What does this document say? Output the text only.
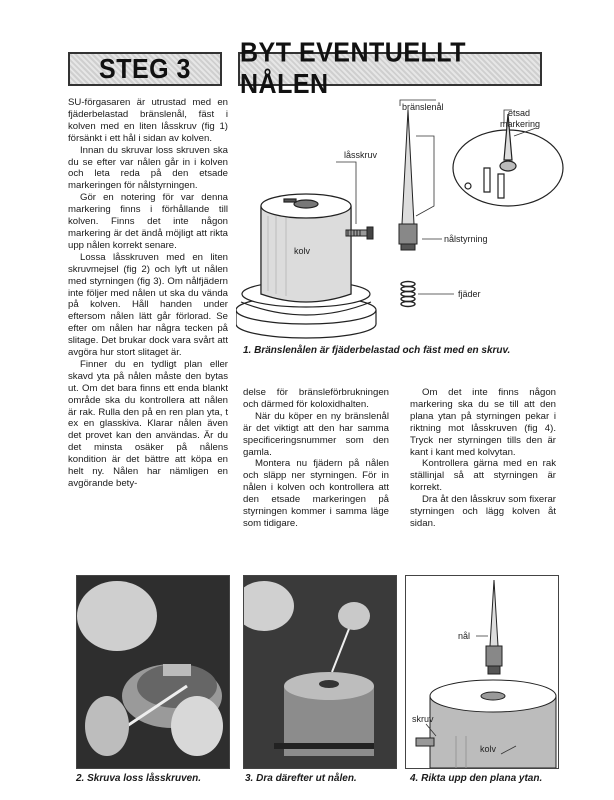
STEG 3
BYT EVENTUELLT NÅLEN

SU-förgasaren är utrustad med en fjäderbelastad bränslenål, fäst i kolven med en liten låsskruv (fig 1) försänkt i ett hål i sidan av kolven.

Innan du skruvar loss skruven ska du se efter var nålen går in i kolven och leta reda på den etsade markeringen för nålstyrningen.

Gör en notering för var denna markering finns i förhållande till kolven. Finns det inte någon markering är det ändå möjligt att rikta upp nålen korrekt senare.

Lossa låsskruven med en liten skruvmejsel (fig 2) och lyft ut nålen med styrningen (fig 3). Om nålfjädern inte följer med nålen ut ska du vända på kolven. Håll handen under eftersom nålen lätt går förlorad. Se efter om nålen har några tecken på slitage. Det brukar dock vara svårt att avgöra hur stort slitaget är.

Finner du en tydligt plan eller skavd yta på nålen måste den bytas ut. Om det bara finns ett enda blankt område ska du kontrollera att nålen är rak. Rulla den på en ren plan yta, t ex en glasskiva. Klarar nålen även det provet kan den användas. Är du det minsta osäker på nålens kondition är det bättre att köpa en helt ny. Nålen har nämligen en avgörande bety-

bränslenål
etsad
markering
låsskruv
kolv
nålstyrning
fjäder
1. Bränslenålen är fjäderbelastad och fäst med en skruv.

delse för bränsleförbrukningen och därmed för koloxidhalten.

När du köper en ny bränslenål är det viktigt att den har samma specificeringsnummer som den gamla.

Montera nu fjädern på nålen och släpp ner styrningen. För in nålen i kolven och kontrollera att den etsade markeringen på styrningen kommer i samma läge som tidigare.

Om det inte finns någon markering ska du se till att den plana ytan på styrningen pekar i riktning mot låsskruven (fig 4). Tryck ner styrningen tills den är kant i kant med kolvytan.

Kontrollera gärna med en rak ställinjal så att styrningen är korrekt.

Dra åt den låsskruv som fixerar styrningen och lägg kolven åt sidan.

2. Skruva loss låsskruven.	3. Dra därefter ut nålen.
nål
skruv
kolv
4. Rikta upp den plana ytan.
